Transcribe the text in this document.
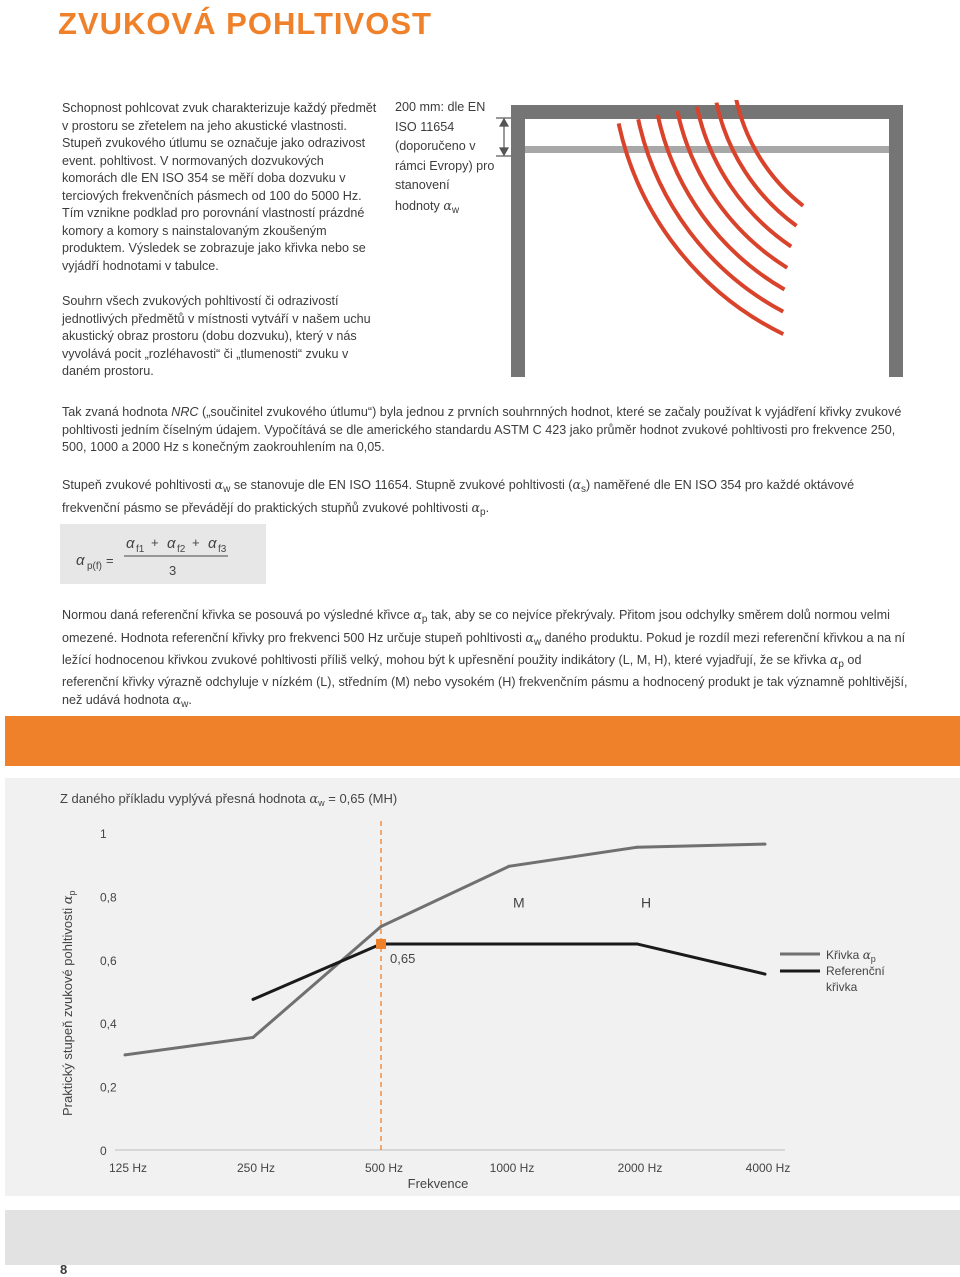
ZVUKOVÁ POHLTIVOST
Schopnost pohlcovat zvuk charakterizuje každý předmět v prostoru se zřetelem na jeho akustické vlastnosti. Stupeň zvukového útlumu se označuje jako odrazivost event. pohltivost. V normovaných dozvukových komorách dle EN ISO 354 se měří doba dozvuku v terciových frekvenčních pásmech od 100 do 5000 Hz. Tím vznikne podklad pro porovnání vlastností prázdné komory a komory s nainstalovaným zkoušeným produktem. Výsledek se zobrazuje jako křivka nebo se vyjádří hodnotami v tabulce.
Souhrn všech zvukových pohltivostí či odrazivostí jednotlivých předmětů v místnosti vytváří v našem uchu akustický obraz prostoru (dobu dozvuku), který v nás vyvolává pocit „rozléhavosti“ či „tlumenosti“ zvuku v daném prostoru.
200 mm: dle EN ISO 11654 (doporučeno v rámci Evropy) pro stanovení hodnoty $\alpha_w$
Tak zvaná hodnota NRC („součinitel zvukového útlumu“) byla jednou z prvních souhrnných hodnot, které se začaly používat k vyjádření křivky zvukové pohltivosti jedním číselným údajem. Vypočítává se dle amerického standardu ASTM C 423 jako průměr hodnot zvukové pohltivosti pro frekvence 250, 500, 1000 a 2000 Hz s konečným zaokrouhlením na 0,05.
Stupeň zvukové pohltivosti $\alpha_w$ se stanovuje dle EN ISO 11654. Stupně zvukové pohltivosti $(\alpha_s)$ naměřené dle EN ISO 354 pro každé oktávové frekvenční pásmo se převádějí do praktických stupňů zvukové pohltivosti $\alpha_p$.
α p(f) =
α f1 + α f2 + α f3
3
Normou daná referenční křivka se posouvá po výsledné křivce $\alpha_p$ tak, aby se co nejvíce překrývaly. Přitom jsou odchylky směrem dolů normou velmi omezené. Hodnota referenční křivky pro frekvenci 500 Hz určuje stupeň pohltivosti $\alpha_w$ daného produktu. Pokud je rozdíl mezi referenční křivkou a na ní ležící hodnocenou křivkou zvukové pohltivosti příliš velký, mohou být k upřesnění použity indikátory (L, M, H), které vyjadřují, že se křivka $\alpha_p$ od referenční křivky výrazně odchyluje v nízkém (L), středním (M) nebo vysokém (H) frekvenčním pásmu a hodnocený produkt je tak významně pohltivější, než udává hodnota $\alpha_w$.
Z daného příkladu vyplývá přesná hodnota $\alpha_w = 0,65$ (MH)
0
0,2
0,4
0,6
0,8
1
125 Hz	250 Hz	500 Hz	1000 Hz	2000 Hz	4000 Hz
0,65
M	H
Frekvence
Praktický stupeň zvukové pohltivosti $\alpha_p$
Křivka $\alpha_p$
Referenční křivka
8
